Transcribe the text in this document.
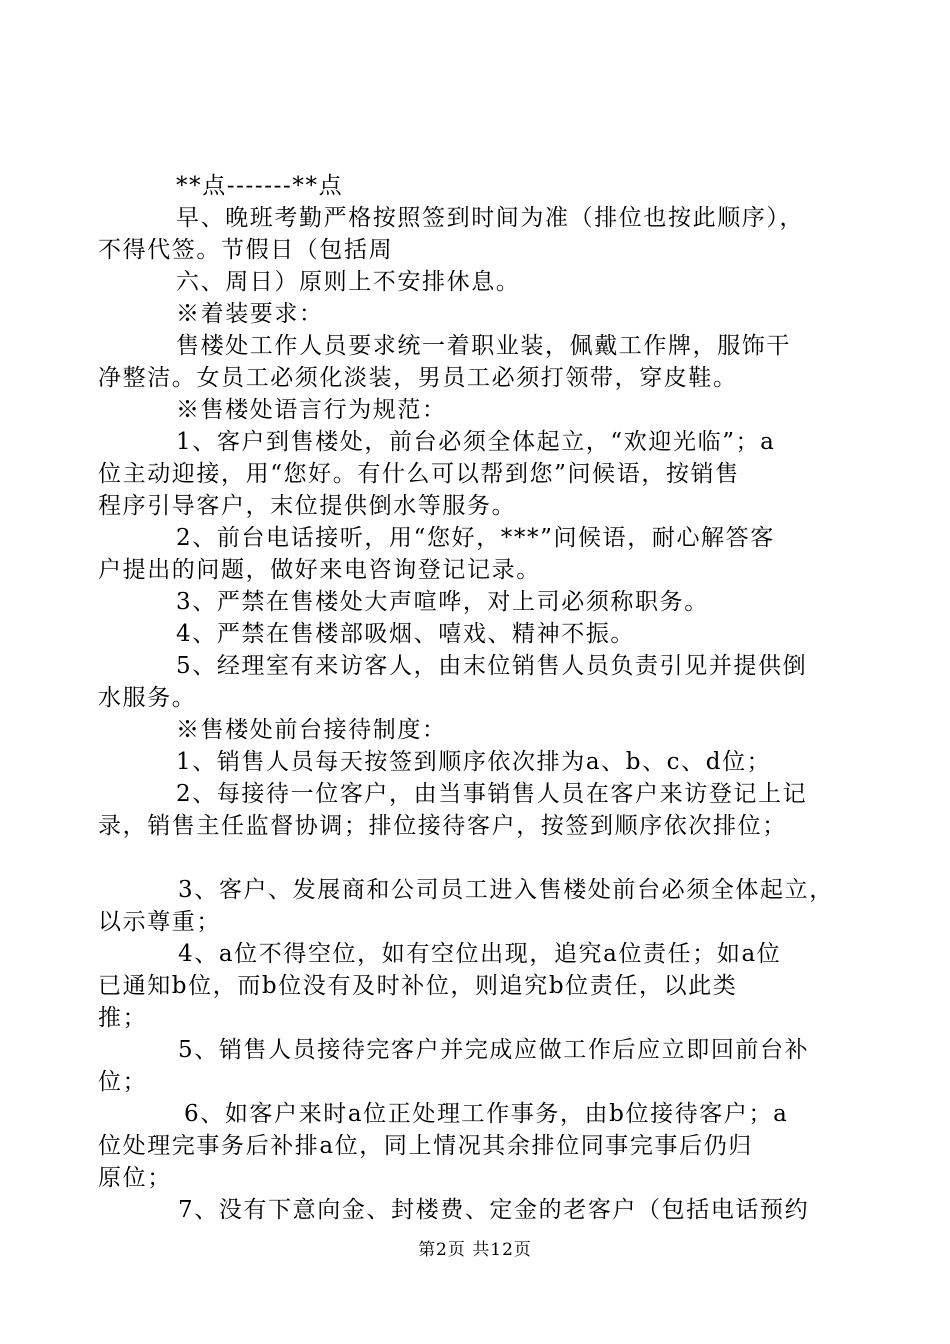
**点-------**点
早、晚班考勤严格按照签到时间为准（排位也按此顺序），
不得代签。节假日（包括周
六、周日）原则上不安排休息。
※着装要求：
售楼处工作人员要求统一着职业装，佩戴工作牌，服饰干
净整洁。女员工必须化淡装，男员工必须打领带，穿皮鞋。
※售楼处语言行为规范：
1、客户到售楼处，前台必须全体起立，“欢迎光临”；a
位主动迎接，用“您好。有什么可以帮到您”问候语，按销售
程序引导客户，末位提供倒水等服务。
2、前台电话接听，用“您好，***”问候语，耐心解答客
户提出的问题，做好来电咨询登记记录。
3、严禁在售楼处大声喧哗，对上司必须称职务。
4、严禁在售楼部吸烟、嘻戏、精神不振。
5、经理室有来访客人，由末位销售人员负责引见并提供倒
水服务。
※售楼处前台接待制度：
1、销售人员每天按签到顺序依次排为a、b、c、d位；
2、每接待一位客户，由当事销售人员在客户来访登记上记
录，销售主任监督协调；排位接待客户，按签到顺序依次排位；
3、客户、发展商和公司员工进入售楼处前台必须全体起立，
以示尊重；
4、a位不得空位，如有空位出现，追究a位责任；如a位
已通知b位，而b位没有及时补位，则追究b位责任，以此类
推；
5、销售人员接待完客户并完成应做工作后应立即回前台补
位；
6、如客户来时a位正处理工作事务，由b位接待客户；a
位处理完事务后补排a位，同上情况其余排位同事完事后仍归
原位；
7、没有下意向金、封楼费、定金的老客户（包括电话预约
第2页 共12页
